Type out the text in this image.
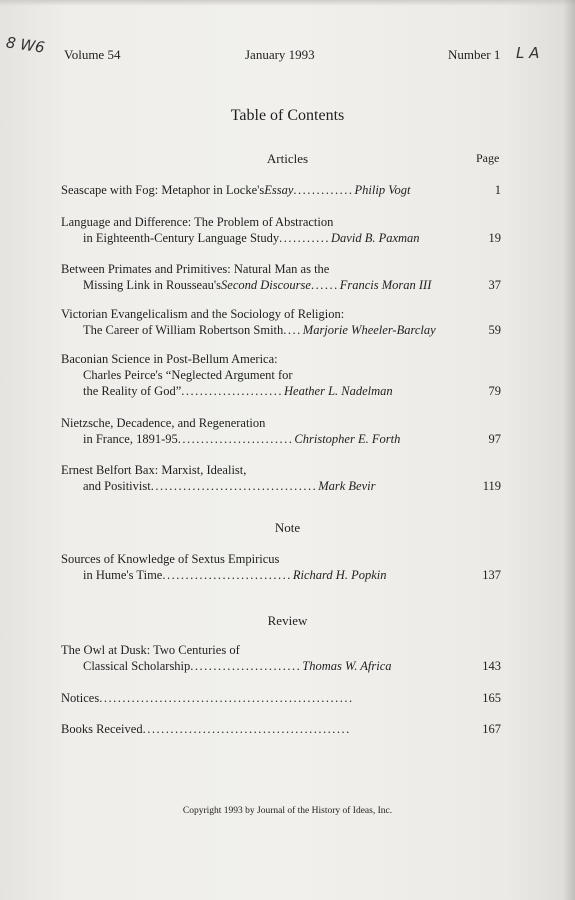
8 W6	L A
Volume 54	January 1993	Number 1
Table of Contents
Articles	Page
Seascape with Fog: Metaphor in Locke's Essay ............. Philip Vogt	1
Language and Difference: The Problem of Abstraction
in Eighteenth-Century Language Study ........... David B. Paxman	19
Between Primates and Primitives: Natural Man as the
Missing Link in Rousseau's Second Discourse ...... Francis Moran III	37
Victorian Evangelicalism and the Sociology of Religion:
The Career of William Robertson Smith .... Marjorie Wheeler-Barclay	59
Baconian Science in Post-Bellum America:
Charles Peirce's “Neglected Argument for
the Reality of God” ...................... Heather L. Nadelman	79
Nietzsche, Decadence, and Regeneration
in France, 1891-95 ......................... Christopher E. Forth	97
Ernest Belfort Bax: Marxist, Idealist,
and Positivist .................................... Mark Bevir	119
Note
Sources of Knowledge of Sextus Empiricus
in Hume's Time ............................ Richard H. Popkin	137
Review
The Owl at Dusk: Two Centuries of
Classical Scholarship ........................ Thomas W. Africa	143
Notices .......................................................	165
Books Received .............................................	167
Copyright 1993 by Journal of the History of Ideas, Inc.
